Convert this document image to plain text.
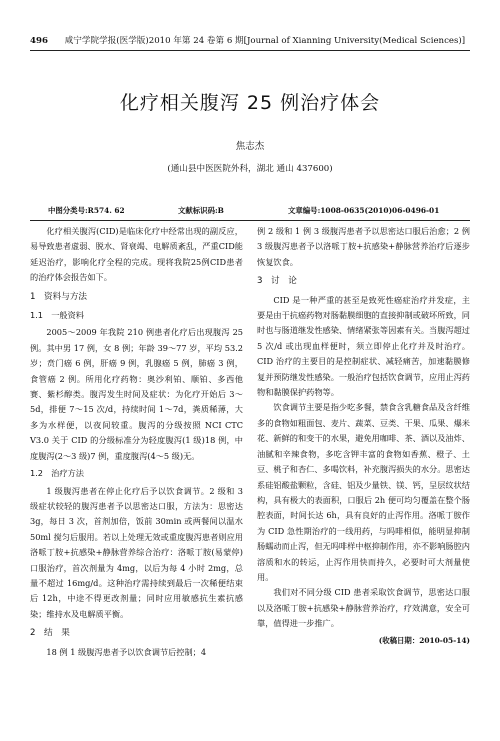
496 咸宁学院学报(医学版)2010 年第 24 卷第 6 期[Journal of Xianning University(Medical Sciences)]
化疗相关腹泻 25 例治疗体会
焦志杰
(通山县中医医院外科，湖北 通山 437600)
中图分类号:R574. 62	文献标识码:B	文章编号:1008-0635(2010)06-0496-01

化疗相关腹泻(CID)是临床化疗中经常出现的副反应，易导致患者虚弱、脱水、肾衰竭、电解质紊乱，严重CID能延迟治疗，影响化疗全程的完成。现将我院25例CID患者的治疗体会报告如下。

1　资料与方法
1.1　一般资料

2005～2009 年我院 210 例患者化疗后出现腹泻 25 例。其中男 17 例，女 8 例；年龄 39～77 岁，平均 53.2 岁；贲门癌 6 例，肝癌 9 例，乳腺癌 5 例，肺癌 3 例，食管癌 2 例。所用化疗药物：奥沙利铂、顺铂、多西他赛、紫杉醇类。腹泻发生时间及症状：为化疗开始后 3～5d，排便 7～15 次/d，持续时间 1～7d，粪质稀薄，大多为水样便，以夜间较重。腹泻的分级按照 NCI CTC V3.0 关于 CID 的分级标准分为轻度腹泻(1 级)18 例，中度腹泻(2～3 级)7 例，重度腹泻(4～5 级)无。

1.2　治疗方法

1 级腹泻患者在停止化疗后予以饮食调节。2 级和 3 级症状较轻的腹泻患者予以思密达口服，方法为：思密达 3g，每日 3 次，首剂加倍，饭前 30min 或两餐间以温水 50ml 搅匀后服用。若以上处理无效或重度腹泻患者则应用洛哌丁胺+抗感染+静脉营养综合治疗：洛哌丁胺(易蒙停)口服治疗，首次剂量为 4mg，以后为每 4 小时 2mg，总量不超过 16mg/d。这种治疗需持续到最后一次稀便结束后 12h，中途不得更改剂量；同时应用敏感抗生素抗感染；维持水及电解质平衡。

2　结　果

18 例 1 级腹泻患者予以饮食调节后控制；4

例 2 级和 1 例 3 级腹泻患者予以思密达口服后治愈；2 例 3 级腹泻患者予以洛哌丁胺+抗感染+静脉营养治疗后逐步恢复饮食。

3　讨　论

CID 是一种严重的甚至是致死性癌症治疗并发症，主要是由于抗癌药物对肠黏膜细胞的直接抑制或破坏所致，同时也与肠道继发性感染、情绪紧张等因素有关。当腹泻超过 5 次/d 或出现血样便时，须立即停止化疗并及时治疗。CID 治疗的主要目的是控制症状、减轻痛苦，加速黏膜修复并预防继发性感染。一般治疗包括饮食调节，应用止泻药物和黏膜保护药物等。

饮食调节主要是指少吃多餐，禁食含乳糖食品及含纤维多的食物如粗面包、麦片、蔬菜、豆类、干果、瓜果、爆米花、新鲜的和变干的水果，避免用咖啡、茶、酒以及油炸、油腻和辛辣食物，多吃含钾丰富的食物如香蕉、橙子、土豆、桃子和杏仁、多喝饮料，补充腹泻损失的水分。思密达系硅铝酸盐颗粒，含硅、铝及少量铁、镁、钙，呈层纹状结构，具有极大的表面积，口服后 2h 便可均匀覆盖在整个肠腔表面，时间长达 6h，具有良好的止泻作用。洛哌丁胺作为 CID 急性期治疗的一线用药，与吗啡相似，能明显抑制肠蠕动而止泻，但无吗啡样中枢抑制作用，亦不影响肠腔内溶质和水的转运，止泻作用快而持久，必要时可大剂量使用。

我们对不同分级 CID 患者采取饮食调节，思密达口服以及洛哌丁胺+抗感染+静脉营养治疗，疗效满意，安全可靠，值得进一步推广。

(收稿日期：2010-05-14)
